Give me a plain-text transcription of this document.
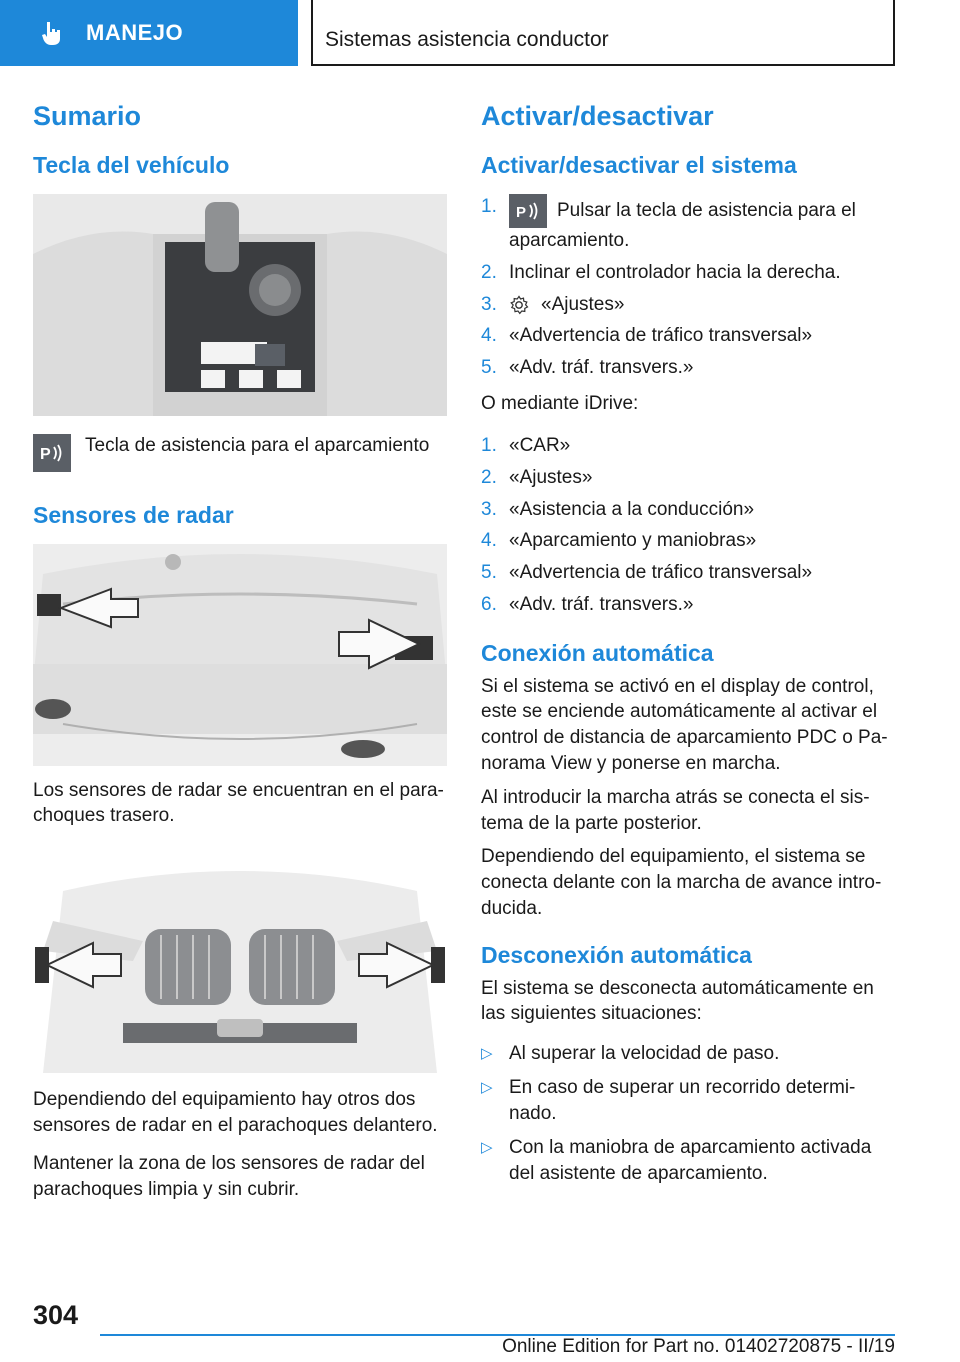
MANEJO	Sistemas asistencia conductor
Sumario
Tecla del vehículo
P Tecla de asistencia para el aparcamiento
Sensores de radar

Los sensores de radar se encuentran en el para- choques trasero.

Dependiendo del equipamiento hay otros dos sensores de radar en el parachoques delantero.

Mantener la zona de los sensores de radar del parachoques limpia y sin cubrir.

Activar/desactivar
Activar/desactivar el sistema
1.	P Pulsar la tecla de asistencia para el aparcamiento.
2. Inclinar el controlador hacia la derecha.
3.	«Ajustes»
4. «Advertencia de tráfico transversal»
5. «Adv. tráf. transvers.»

O mediante iDrive:

1. «CAR»
2. «Ajustes»
3. «Asistencia a la conducción»
4. «Aparcamiento y maniobras»
5. «Advertencia de tráfico transversal»
6. «Adv. tráf. transvers.»
Conexión automática

Si el sistema se activó en el display de control, este se enciende automáticamente al activar el control de distancia de aparcamiento PDC o Pa- norama View y ponerse en marcha.

Al introducir la marcha atrás se conecta el sis- tema de la parte posterior.

Dependiendo del equipamiento, el sistema se conecta delante con la marcha de avance intro- ducida.

Desconexión automática

El sistema se desconecta automáticamente en las siguientes situaciones:

▷ Al superar la velocidad de paso.
▷ En caso de superar un recorrido determi- nado.
▷ Con la maniobra de aparcamiento activada del asistente de aparcamiento.
304
Online Edition for Part no. 01402720875 - II/19
